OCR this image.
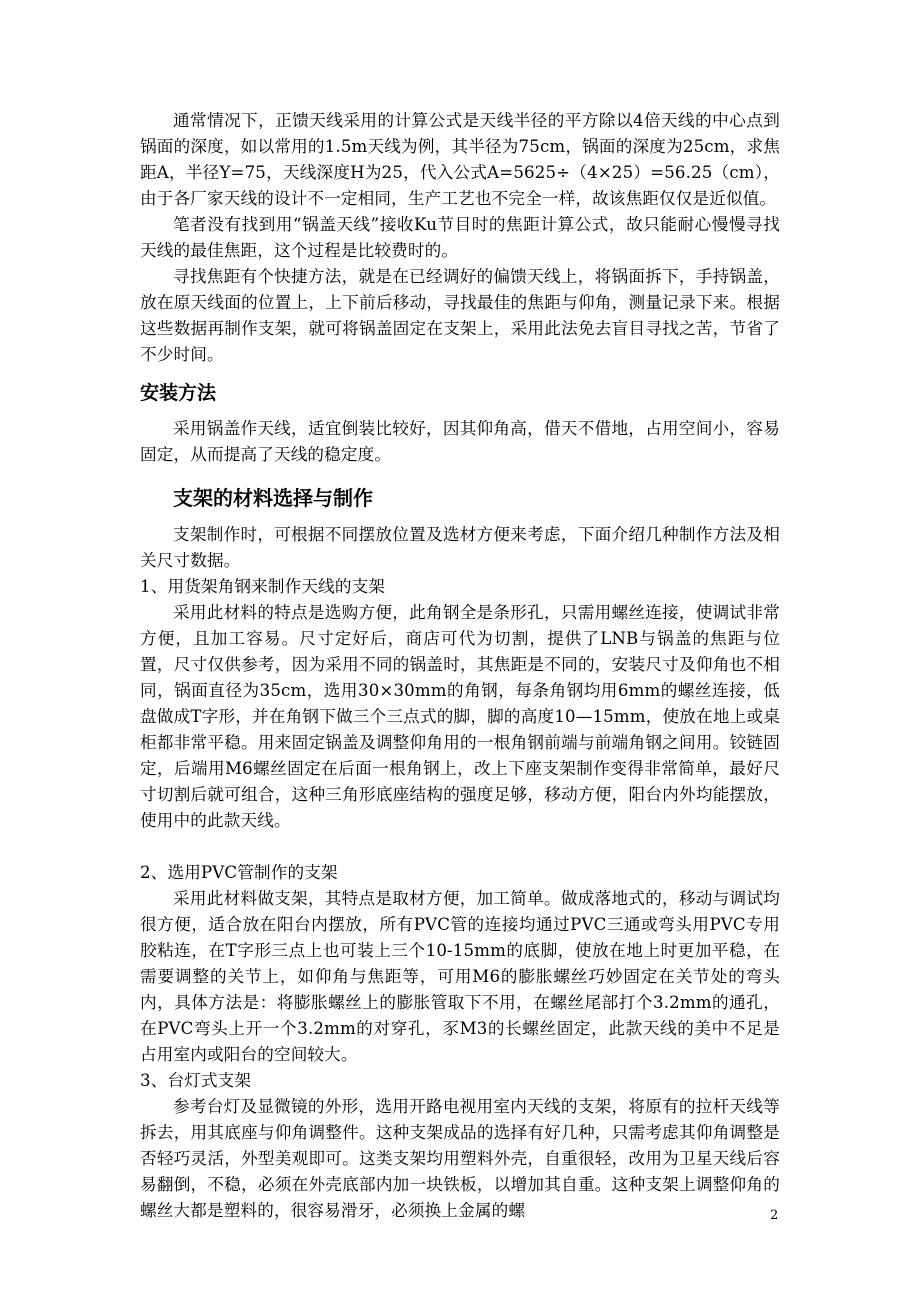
通常情况下，正馈天线采用的计算公式是天线半径的平方除以4倍天线的中心点到锅面的深度，如以常用的1.5m天线为例，其半径为75cm，锅面的深度为25cm，求焦距A，半径Y=75，天线深度H为25，代入公式A=5625÷（4×25）=56.25（cm），由于各厂家天线的设计不一定相同，生产工艺也不完全一样，故该焦距仅仅是近似值。

笔者没有找到用“锅盖天线”接收Ku节目时的焦距计算公式，故只能耐心慢慢寻找天线的最佳焦距，这个过程是比较费时的。

寻找焦距有个快捷方法，就是在已经调好的偏馈天线上，将锅面拆下，手持锅盖，放在原天线面的位置上，上下前后移动，寻找最佳的焦距与仰角，测量记录下来。根据这些数据再制作支架，就可将锅盖固定在支架上，采用此法免去盲目寻找之苦，节省了不少时间。

安装方法

采用锅盖作天线，适宜倒装比较好，因其仰角高，借天不借地，占用空间小，容易固定，从而提高了天线的稳定度。

支架的材料选择与制作

支架制作时，可根据不同摆放位置及选材方便来考虑，下面介绍几种制作方法及相关尺寸数据。

1、用货架角钢来制作天线的支架

采用此材料的特点是选购方便，此角钢全是条形孔，只需用螺丝连接，使调试非常方便，且加工容易。尺寸定好后，商店可代为切割，提供了LNB与锅盖的焦距与位置，尺寸仅供参考，因为采用不同的锅盖时，其焦距是不同的，安装尺寸及仰角也不相同，锅面直径为35cm，选用30×30mm的角钢，每条角钢均用6mm的螺丝连接，低盘做成T字形，并在角钢下做三个三点式的脚，脚的高度10—15mm，使放在地上或桌柜都非常平稳。用来固定锅盖及调整仰角用的一根角钢前端与前端角钢之间用。铰链固定，后端用M6螺丝固定在后面一根角钢上，改上下座支架制作变得非常简单，最好尺寸切割后就可组合，这种三角形底座结构的强度足够，移动方便，阳台内外均能摆放，使用中的此款天线。

2、选用PVC管制作的支架

采用此材料做支架，其特点是取材方便，加工简单。做成落地式的，移动与调试均很方便，适合放在阳台内摆放，所有PVC管的连接均通过PVC三通或弯头用PVC专用胶粘连，在T字形三点上也可装上三个10-15mm的底脚，使放在地上时更加平稳，在需要调整的关节上，如仰角与焦距等，可用M6的膨胀螺丝巧妙固定在关节处的弯头内，具体方法是：将膨胀螺丝上的膨胀管取下不用，在螺丝尾部打个3.2mm的通孔，在PVC弯头上开一个3.2mm的对穿孔，豕M3的长螺丝固定，此款天线的美中不足是占用室内或阳台的空间较大。

3、台灯式支架

参考台灯及显微镜的外形，选用开路电视用室内天线的支架，将原有的拉杆天线等拆去，用其底座与仰角调整件。这种支架成品的选择有好几种，只需考虑其仰角调整是否轻巧灵活，外型美观即可。这类支架均用塑料外壳，自重很轻，改用为卫星天线后容易翻倒，不稳，必须在外壳底部内加一块铁板，以增加其自重。这种支架上调整仰角的螺丝大都是塑料的，很容易滑牙，必须换上金属的螺	2
